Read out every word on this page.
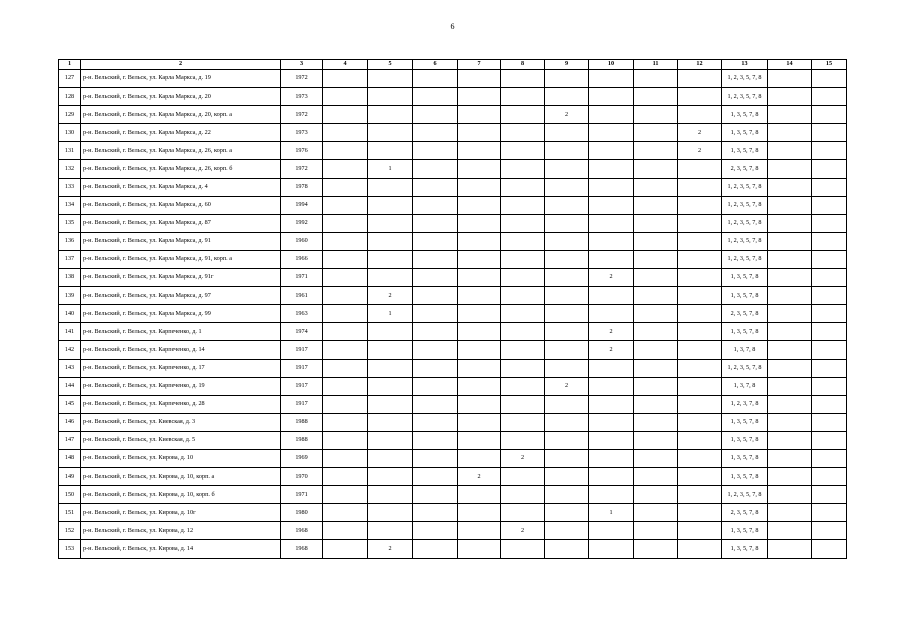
6
1	2	3	4	5	6	7	8	9	10	11	12	13	14	15
127	р-н. Вельский, г. Вельск, ул. Карла Маркса, д. 19	1972										1, 2, 3, 5, 7, 8		
128	р-н. Вельский, г. Вельск, ул. Карла Маркса, д. 20	1973										1, 2, 3, 5, 7, 8		
129	р-н. Вельский, г. Вельск, ул. Карла Маркса, д. 20, корп. а	1972						2				1, 3, 5, 7, 8		
130	р-н. Вельский, г. Вельск, ул. Карла Маркса, д. 22	1973									2	1, 3, 5, 7, 8		
131	р-н. Вельский, г. Вельск, ул. Карла Маркса, д. 26, корп. а	1976									2	1, 3, 5, 7, 8		
132	р-н. Вельский, г. Вельск, ул. Карла Маркса, д. 26, корп. б	1972		1								2, 3, 5, 7, 8		
133	р-н. Вельский, г. Вельск, ул. Карла Маркса, д. 4	1978										1, 2, 3, 5, 7, 8		
134	р-н. Вельский, г. Вельск, ул. Карла Маркса, д. 60	1994										1, 2, 3, 5, 7, 8		
135	р-н. Вельский, г. Вельск, ул. Карла Маркса, д. 87	1992										1, 2, 3, 5, 7, 8		
136	р-н. Вельский, г. Вельск, ул. Карла Маркса, д. 91	1960										1, 2, 3, 5, 7, 8		
137	р-н. Вельский, г. Вельск, ул. Карла Маркса, д. 91, корп. а	1966										1, 2, 3, 5, 7, 8		
138	р-н. Вельский, г. Вельск, ул. Карла Маркса, д. 91г	1971							2			1, 3, 5, 7, 8		
139	р-н. Вельский, г. Вельск, ул. Карла Маркса, д. 97	1961		2								1, 3, 5, 7, 8		
140	р-н. Вельский, г. Вельск, ул. Карла Маркса, д. 99	1963		1								2, 3, 5, 7, 8		
141	р-н. Вельский, г. Вельск, ул. Карпеченко, д. 1	1974							2			1, 3, 5, 7, 8		
142	р-н. Вельский, г. Вельск, ул. Карпеченко, д. 14	1917							2			1, 3, 7, 8		
143	р-н. Вельский, г. Вельск, ул. Карпеченко, д. 17	1917										1, 2, 3, 5, 7, 8		
144	р-н. Вельский, г. Вельск, ул. Карпеченко, д. 19	1917						2				1, 3, 7, 8		
145	р-н. Вельский, г. Вельск, ул. Карпеченко, д. 28	1917										1, 2, 3, 7, 8		
146	р-н. Вельский, г. Вельск, ул. Киевская, д. 3	1988										1, 3, 5, 7, 8		
147	р-н. Вельский, г. Вельск, ул. Киевская, д. 5	1988										1, 3, 5, 7, 8		
148	р-н. Вельский, г. Вельск, ул. Кирова, д. 10	1969					2					1, 3, 5, 7, 8		
149	р-н. Вельский, г. Вельск, ул. Кирова, д. 10, корп. а	1970				2						1, 3, 5, 7, 8		
150	р-н. Вельский, г. Вельск, ул. Кирова, д. 10, корп. б	1971										1, 2, 3, 5, 7, 8		
151	р-н. Вельский, г. Вельск, ул. Кирова, д. 10г	1980							1			2, 3, 5, 7, 8		
152	р-н. Вельский, г. Вельск, ул. Кирова, д. 12	1968					2					1, 3, 5, 7, 8		
153	р-н. Вельский, г. Вельск, ул. Кирова, д. 14	1968		2								1, 3, 5, 7, 8		
